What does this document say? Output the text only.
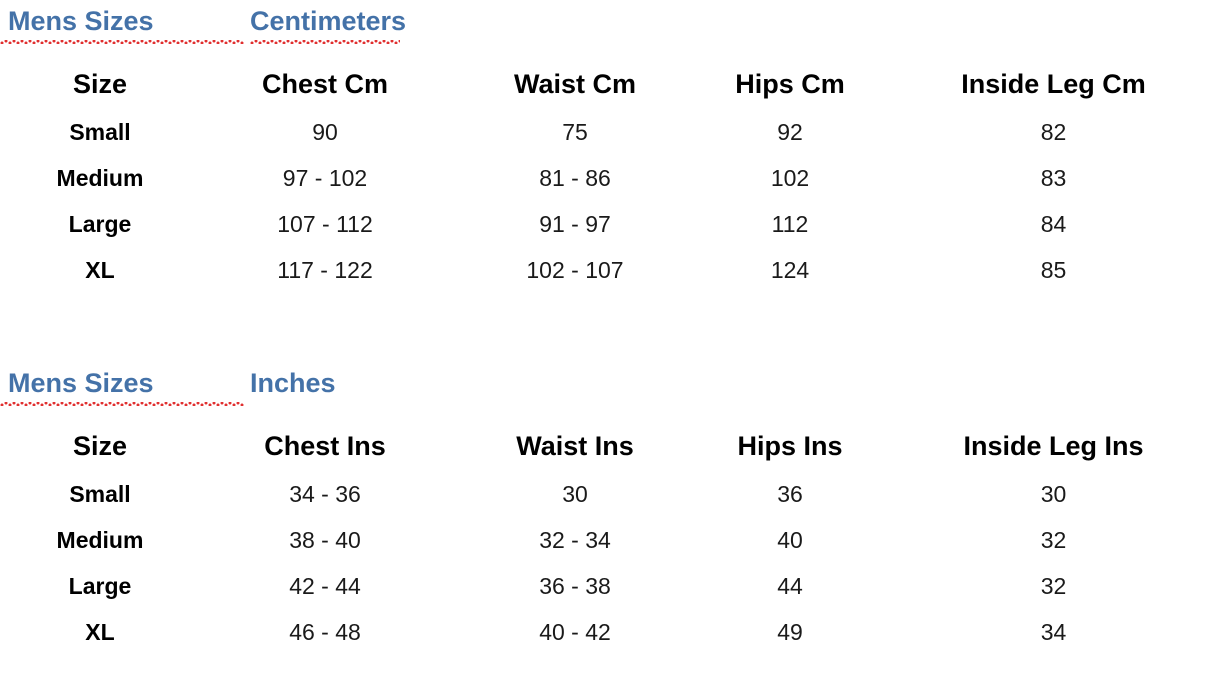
Mens Sizes	Centimeters
Size	Chest Cm	Waist Cm	Hips Cm	Inside Leg Cm
Small	90	75	92	82
Medium	97 - 102	81 - 86	102	83
Large	107 - 112	91 - 97	112	84
XL	117 - 122	102 - 107	124	85
Mens Sizes	Inches
Size	Chest Ins	Waist Ins	Hips Ins	Inside Leg Ins
Small	34 - 36	30	36	30
Medium	38 - 40	32 - 34	40	32
Large	42 - 44	36 - 38	44	32
XL	46 - 48	40 - 42	49	34
